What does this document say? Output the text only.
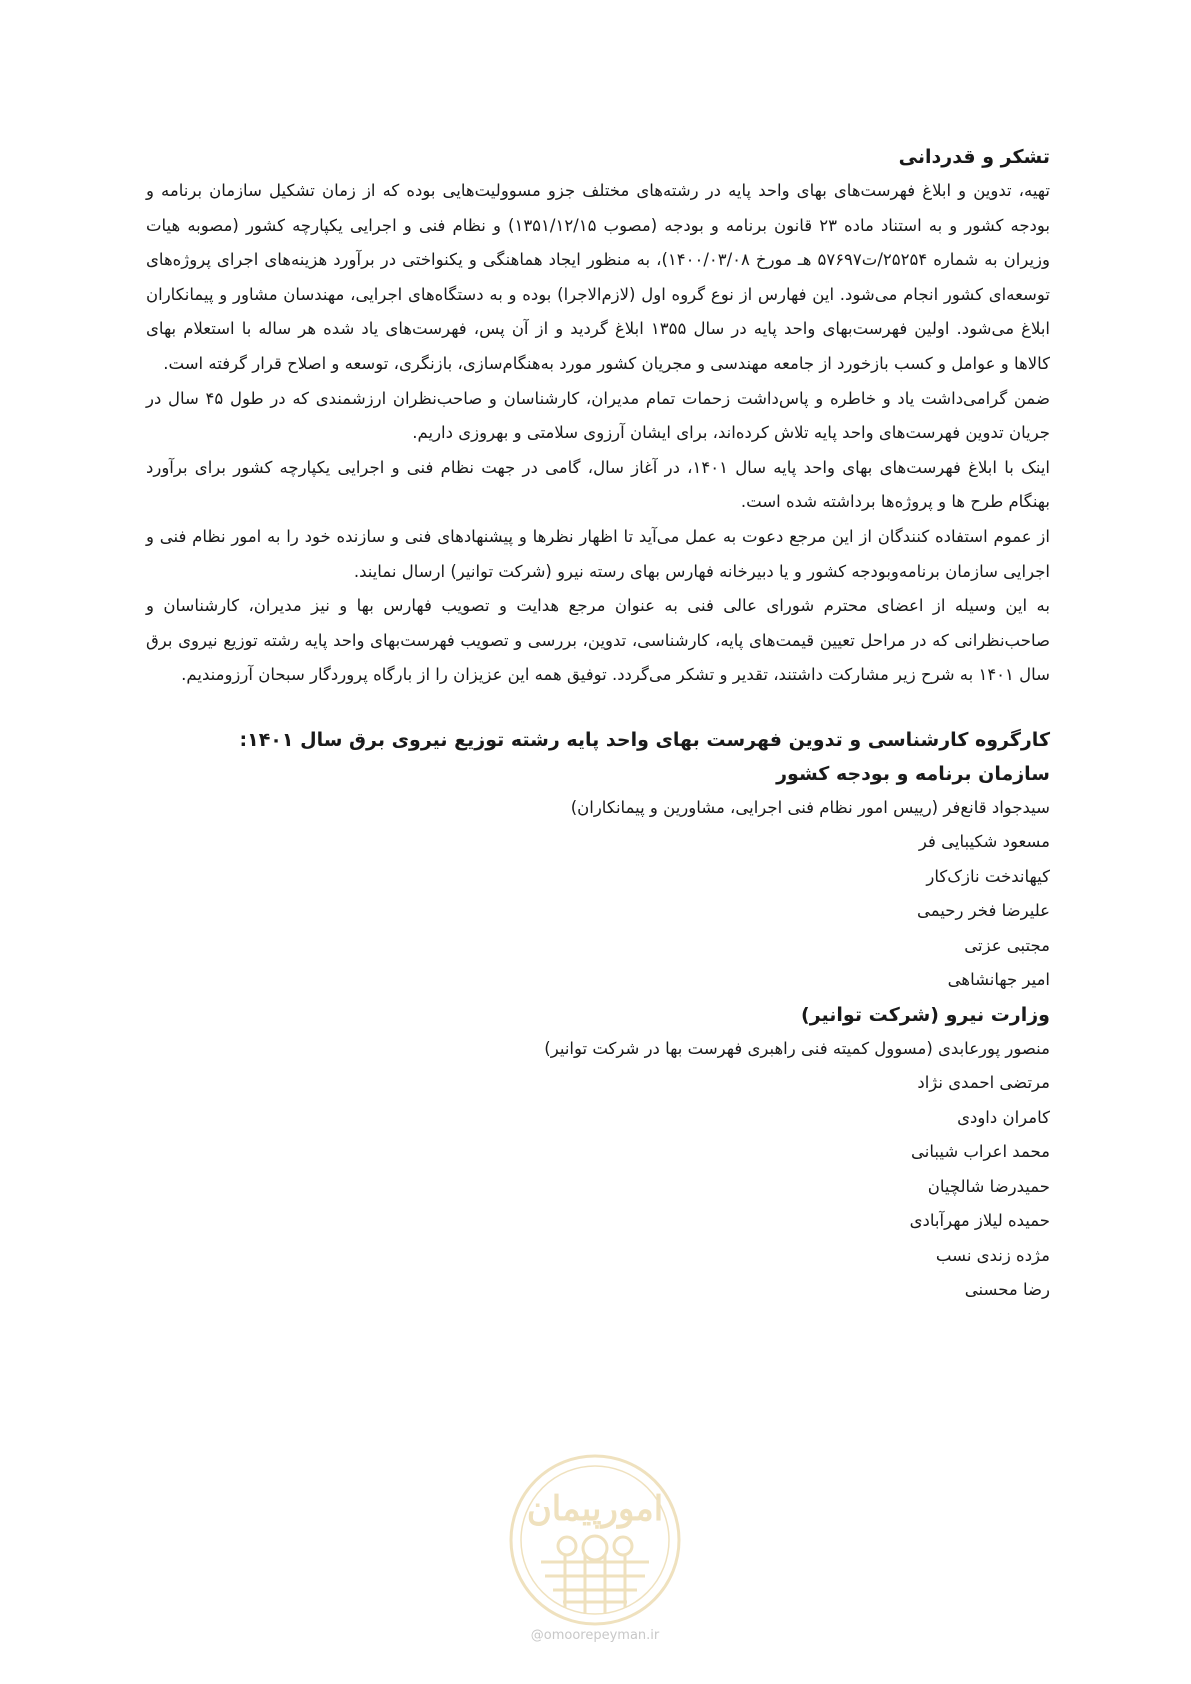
تشکر و قدردانی

تهیه، تدوین و ابلاغ فهرست‌های بهای واحد پایه در رشته‌های مختلف جزو مسوولیت‌هایی بوده که از زمان تشکیل سازمان برنامه و بودجه کشور و به استناد ماده ۲۳ قانون برنامه و بودجه (مصوب ۱۳۵۱/۱۲/۱۵) و نظام فنی و اجرایی یکپارچه کشور (مصوبه هیات وزیران به شماره ۲۵۲۵۴/ت۵۷۶۹۷ هـ مورخ ۱۴۰۰/۰۳/۰۸)، به منظور ایجاد هماهنگی و یکنواختی در برآورد هزینه‌های اجرای پروژه‌های توسعه‌ای کشور انجام می‌شود. این فهارس از نوع گروه اول (لازم‌الاجرا) بوده و به دستگاه‌های اجرایی، مهندسان مشاور و پیمانکاران ابلاغ می‌شود. اولین فهرست‌بهای واحد پایه در سال ۱۳۵۵ ابلاغ گردید و از آن پس، فهرست‌های یاد شده هر ساله با استعلام بهای کالاها و عوامل و کسب بازخورد از جامعه مهندسی و مجریان کشور مورد به‌هنگام‌سازی، بازنگری، توسعه و اصلاح قرار گرفته است.

ضمن گرامی‌داشت یاد و خاطره و پاس‌داشت زحمات تمام مدیران، کارشناسان و صاحب‌نظران ارزشمندی که در طول ۴۵ سال در جریان تدوین فهرست‌های واحد پایه تلاش کرده‌اند، برای ایشان آرزوی سلامتی و بهروزی داریم.

اینک با ابلاغ فهرست‌های بهای واحد پایه سال ۱۴۰۱، در آغاز سال، گامی در جهت نظام فنی و اجرایی یکپارچه کشور برای برآورد بهنگام طرح ها و پروژه‌ها برداشته شده است.

از عموم استفاده کنندگان از این مرجع دعوت به عمل می‌آید تا اظهار نظرها و پیشنهادهای فنی و سازنده خود را به امور نظام فنی و اجرایی سازمان برنامه‌وبودجه کشور و یا دبیرخانه فهارس بهای رسته نیرو (شرکت توانیر) ارسال نمایند.

به این وسیله از اعضای محترم شورای عالی فنی به عنوان مرجع هدایت و تصویب فهارس بها و نیز مدیران، کارشناسان و صاحب‌نظرانی که در مراحل تعیین قیمت‌های پایه، کارشناسی، تدوین، بررسی و تصویب فهرست‌بهای واحد پایه رشته توزیع نیروی برق سال ۱۴۰۱ به شرح زیر مشارکت داشتند، تقدیر و تشکر می‌گردد. توفیق همه این عزیزان را از بارگاه پروردگار سبحان آرزومندیم.

کارگروه کارشناسی و تدوین فهرست بهای واحد پایه رشته توزیع نیروی برق سال ۱۴۰۱:
سازمان برنامه و بودجه کشور
سیدجواد قانع‌فر (رییس امور نظام فنی اجرایی، مشاورین و پیمانکاران)
مسعود شکیبایی فر
کیهاندخت نازک‌کار
علیرضا فخر رحیمی
مجتبی عزتی
امیر جهانشاهی
وزارت نیرو (شرکت توانیر)
منصور پورعابدی (مسوول کمیته فنی راهبری فهرست بها در شرکت توانیر)
مرتضی احمدی نژاد
کامران داودی
محمد اعراب شیبانی
حمیدرضا شالچیان
حمیده لیلاز مهرآبادی
مژده زندی نسب
رضا محسنی
امورپیمان
@omoorepeyman.ir
